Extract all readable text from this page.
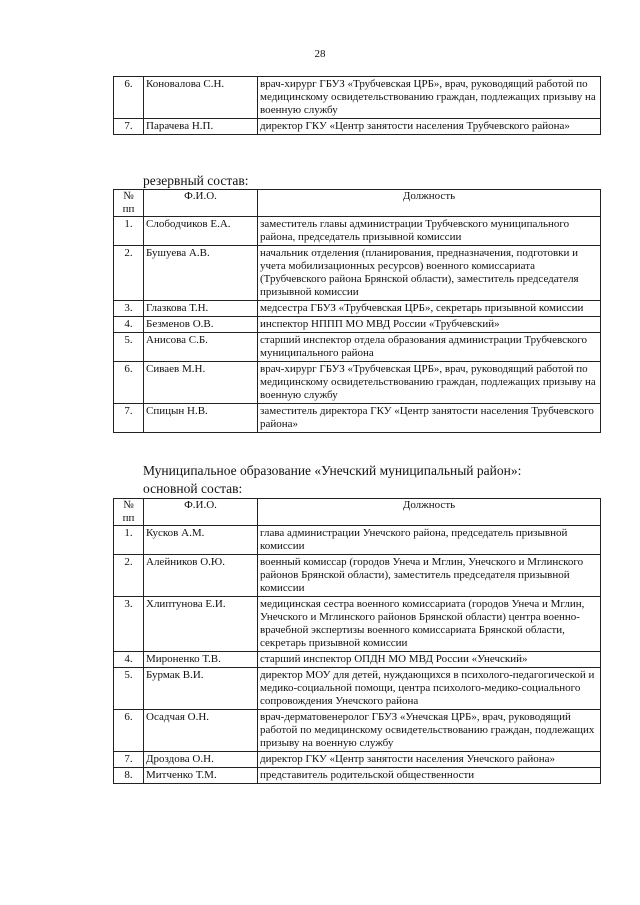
28
6.	Коновалова С.Н.	врач-хирург ГБУЗ «Трубчевская ЦРБ», врач, руководящий работой по медицинскому освидетельствованию граждан, подлежащих призыву на военную службу
7.	Парачева Н.П.	директор ГКУ «Центр занятости населения Трубчевского района»
резервный состав:
№ пп	Ф.И.О.	Должность
1.	Слободчиков Е.А.	заместитель главы администрации Трубчевского муниципального района, председатель призывной комиссии
2.	Бушуева А.В.	начальник отделения (планирования, предназначения, подготовки и учета мобилизационных ресурсов) военного комиссариата (Трубчевского района Брянской области), заместитель председателя призывной комиссии
3.	Глазкова Т.Н.	медсестра ГБУЗ «Трубчевская ЦРБ», секретарь призывной комиссии
4.	Безменов О.В.	инспектор НППП МО МВД России «Трубчевский»
5.	Анисова С.Б.	старший инспектор отдела образования администрации Трубчевского муниципального района
6.	Сиваев М.Н.	врач-хирург ГБУЗ «Трубчевская ЦРБ», врач, руководящий работой по медицинскому освидетельствованию граждан, подлежащих призыву на военную службу
7.	Спицын Н.В.	заместитель директора ГКУ «Центр занятости населения Трубчевского района»
Муниципальное образование «Унечский муниципальный район»:
основной состав:
№ пп	Ф.И.О.	Должность
1.	Кусков А.М.	глава администрации Унечского района, председатель призывной комиссии
2.	Алейников О.Ю.	военный комиссар (городов Унеча и Мглин, Унечского и Мглинского районов Брянской области), заместитель председателя призывной комиссии
3.	Хлиптунова Е.И.	медицинская сестра военного комиссариата (городов Унеча и Мглин, Унечского и Мглинского районов Брянской области) центра военно-врачебной экспертизы военного комиссариата Брянской области, секретарь призывной комиссии
4.	Мироненко Т.В.	старший инспектор ОПДН МО МВД России «Унечский»
5.	Бурмак В.И.	директор МОУ для детей, нуждающихся в психолого-педагогической и медико-социальной помощи, центра психолого-медико-социального сопровождения Унечского района
6.	Осадчая О.Н.	врач-дерматовенеролог ГБУЗ «Унечская ЦРБ», врач, руководящий работой по медицинскому освидетельствованию граждан, подлежащих призыву на военную службу
7.	Дроздова О.Н.	директор ГКУ «Центр занятости населения Унечского района»
8.	Митченко Т.М.	представитель родительской общественности
